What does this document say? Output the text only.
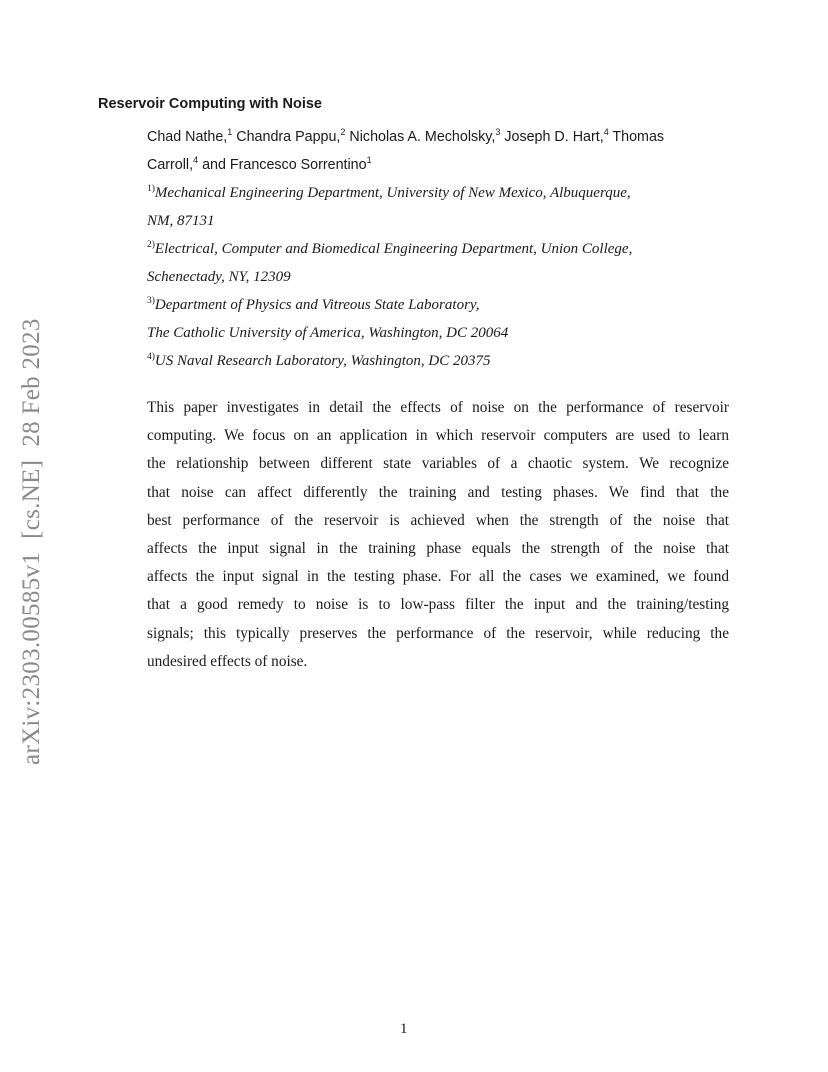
arXiv:2303.00585v1  [cs.NE]  28 Feb 2023
Reservoir Computing with Noise
Chad Nathe,$^1$ Chandra Pappu,$^2$ Nicholas A. Mecholsky,$^3$ Joseph D. Hart,$^4$ Thomas
Carroll,$^4$ and Francesco Sorrentino$^1$
$^{1)}$Mechanical Engineering Department, University of New Mexico, Albuquerque,
NM, 87131
$^{2)}$Electrical, Computer and Biomedical Engineering Department, Union College,
Schenectady, NY, 12309
$^{3)}$Department of Physics and Vitreous State Laboratory,
The Catholic University of America, Washington, DC 20064
$^{4)}$US Naval Research Laboratory, Washington, DC 20375
This paper investigates in detail the effects of noise on the performance of reservoir
computing. We focus on an application in which reservoir computers are used to learn
the relationship between different state variables of a chaotic system. We recognize
that noise can affect differently the training and testing phases. We find that the
best performance of the reservoir is achieved when the strength of the noise that
affects the input signal in the training phase equals the strength of the noise that
affects the input signal in the testing phase. For all the cases we examined, we found
that a good remedy to noise is to low-pass filter the input and the training/testing
signals; this typically preserves the performance of the reservoir, while reducing the
undesired effects of noise.
1
